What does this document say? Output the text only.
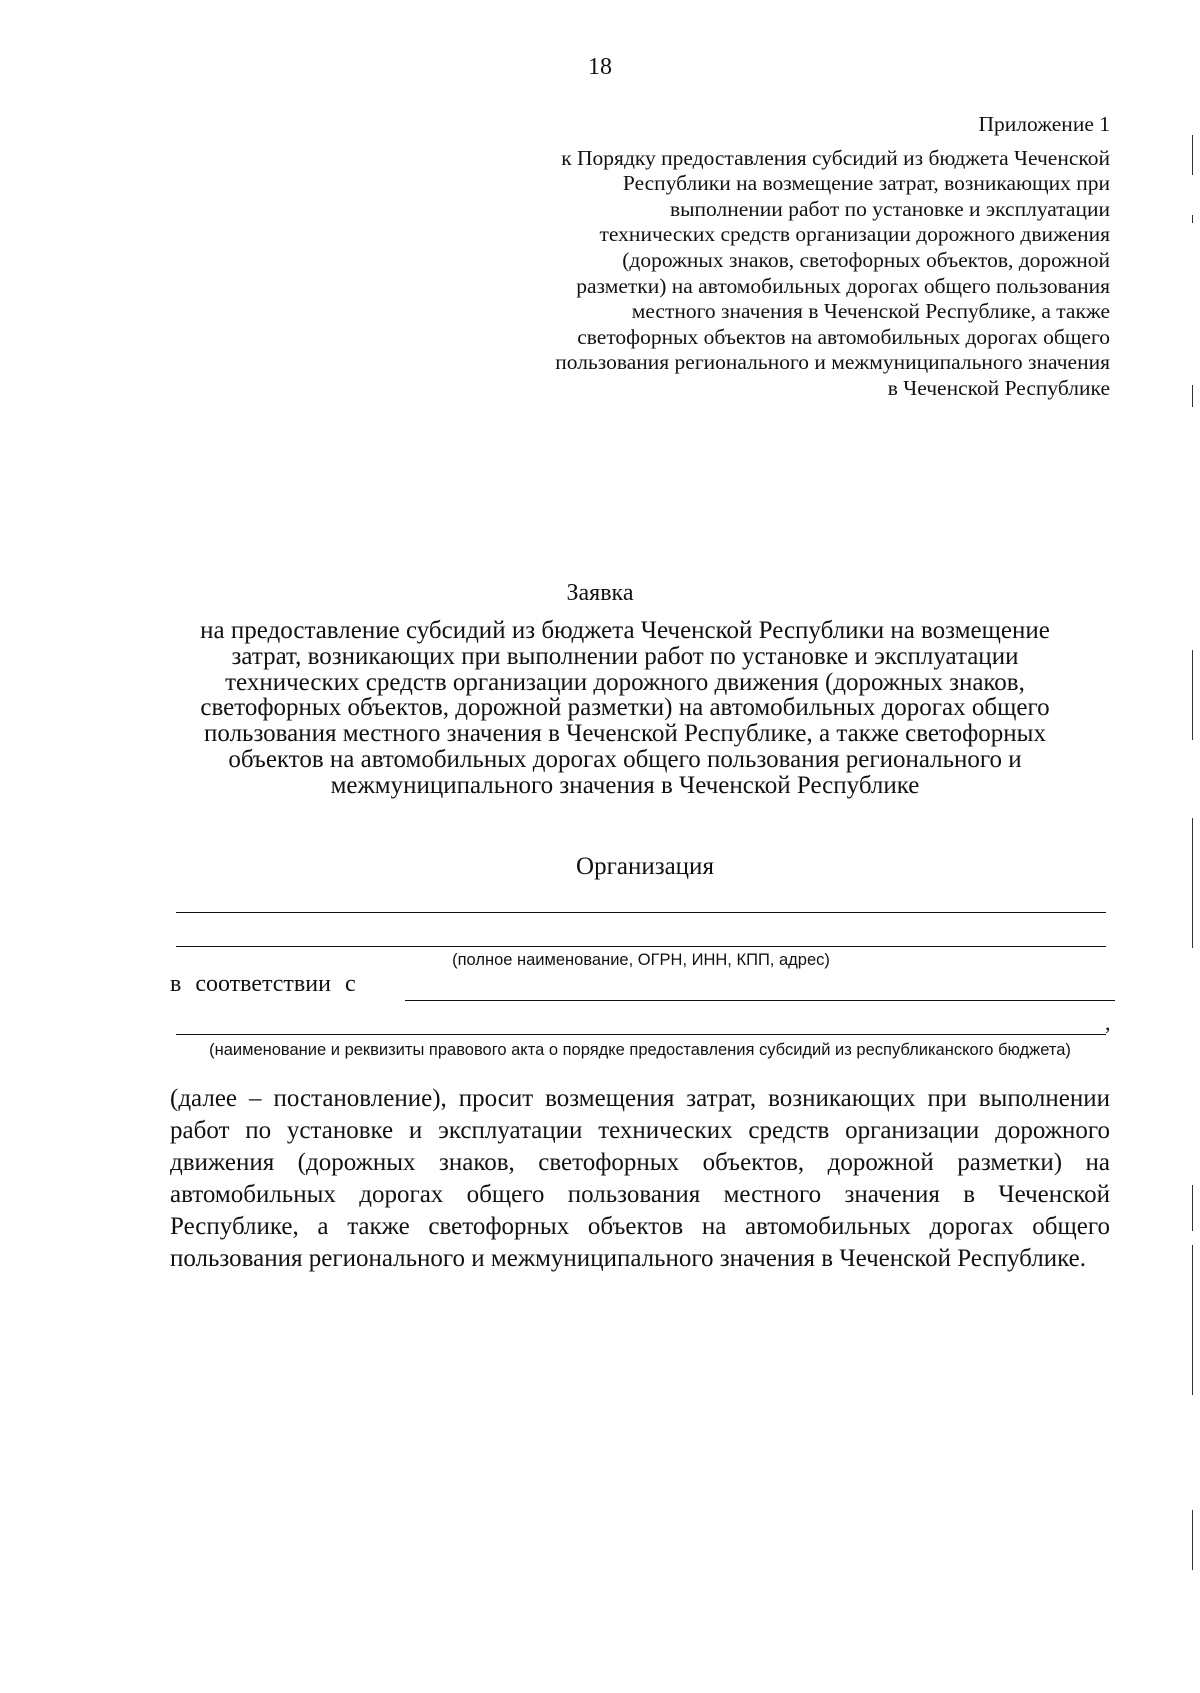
18
Приложение 1
к Порядку предоставления субсидий из бюджета Чеченской Республики на возмещение затрат, возникающих при выполнении работ по установке и эксплуатации технических средств организации дорожного движения (дорожных знаков, светофорных объектов, дорожной разметки) на автомобильных дорогах общего пользования местного значения в Чеченской Республике, а также светофорных объектов на автомобильных дорогах общего пользования регионального и межмуниципального значения в Чеченской Республике
Заявка
на предоставление субсидий из бюджета Чеченской Республики на возмещение затрат, возникающих при выполнении работ по установке и эксплуатации технических средств организации дорожного движения (дорожных знаков, светофорных объектов, дорожной разметки) на автомобильных дорогах общего пользования местного значения в Чеченской Республике, а также светофорных объектов на автомобильных дорогах общего пользования регионального и межмуниципального значения в Чеченской Республике
Организация
(полное наименование, ОГРН, ИНН, КПП, адрес)
в соответствии с
,
(наименование и реквизиты правового акта о порядке предоставления субсидий из республиканского бюджета)
(далее – постановление), просит возмещения затрат, возникающих при выполнении работ по установке и эксплуатации технических средств организации дорожного движения (дорожных знаков, светофорных объектов, дорожной разметки) на автомобильных дорогах общего пользования местного значения в Чеченской Республике, а также светофорных объектов на автомобильных дорогах общего пользования регионального и межмуниципального значения в Чеченской Республике.
